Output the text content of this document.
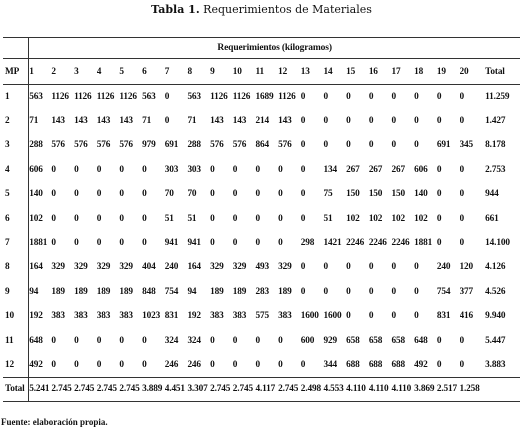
Tabla 1. Requerimientos de Materiales
	Requerimientos (kilogramos)																				
MP	1	2	3	4	5	6	7	8	9	10	11	12	13	14	15	16	17	18	19	20	Total
1	563	1126	1126	1126	1126	563	0	563	1126	1126	1689	1126	0	0	0	0	0	0	0	0	11.259
2	71	143	143	143	143	71	0	71	143	143	214	143	0	0	0	0	0	0	0	0	1.427
3	288	576	576	576	576	979	691	288	576	576	864	576	0	0	0	0	0	0	691	345	8.178
4	606	0	0	0	0	0	303	303	0	0	0	0	0	134	267	267	267	606	0	0	2.753
5	140	0	0	0	0	0	70	70	0	0	0	0	0	75	150	150	150	140	0	0	944
6	102	0	0	0	0	0	51	51	0	0	0	0	0	51	102	102	102	102	0	0	661
7	1881	0	0	0	0	0	941	941	0	0	0	0	298	1421	2246	2246	2246	1881	0	0	14.100
8	164	329	329	329	329	404	240	164	329	329	493	329	0	0	0	0	0	0	240	120	4.126
9	94	189	189	189	189	848	754	94	189	189	283	189	0	0	0	0	0	0	754	377	4.526
10	192	383	383	383	383	1023	831	192	383	383	575	383	1600	1600	0	0	0	0	831	416	9.940
11	648	0	0	0	0	0	324	324	0	0	0	0	600	929	658	658	658	648	0	0	5.447
12	492	0	0	0	0	0	246	246	0	0	0	0	0	344	688	688	688	492	0	0	3.883
Total	5.241	2.745	2.745	2.745	2.745	3.889	4.451	3.307	2.745	2.745	4.117	2.745	2.498	4.553	4.110	4.110	4.110	3.869	2.517	1.258	
Fuente: elaboración propia.
